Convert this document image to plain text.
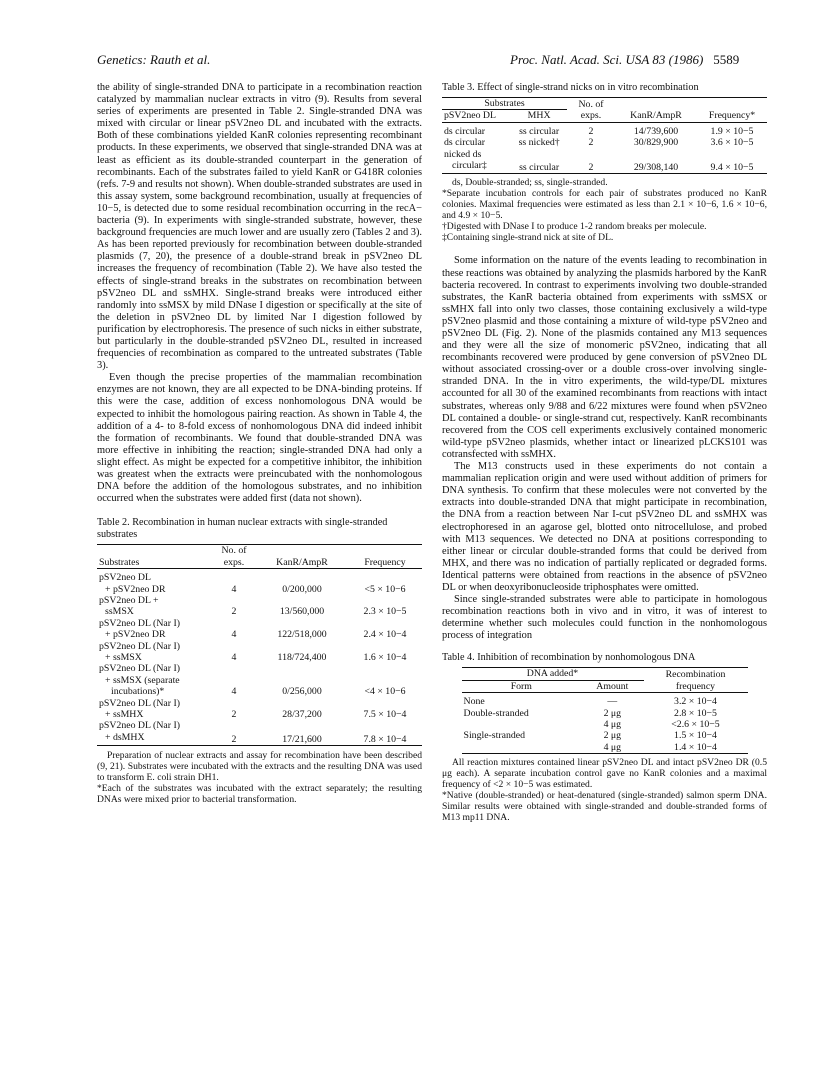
Genetics: Rauth et al.	Proc. Natl. Acad. Sci. USA 83 (1986) 5589

the ability of single-stranded DNA to participate in a recombination reaction catalyzed by mammalian nuclear extracts in vitro (9). Results from several series of experiments are presented in Table 2. Single-stranded DNA was mixed with circular or linear pSV2neo DL and incubated with the extracts. Both of these combinations yielded KanR colonies representing recombinant products. In these experiments, we observed that single-stranded DNA was at least as efficient as its double-stranded counterpart in the generation of recombinants. Each of the substrates failed to yield KanR or G418R colonies (refs. 7-9 and results not shown). When double-stranded substrates are used in this assay system, some background recombination, usually at frequencies of 10−5, is detected due to some residual recombination occurring in the recA− bacteria (9). In experiments with single-stranded substrate, however, these background frequencies are much lower and are usually zero (Tables 2 and 3). As has been reported previously for recombination between double-stranded plasmids (7, 20), the presence of a double-strand break in pSV2neo DL increases the frequency of recombination (Table 2). We have also tested the effects of single-strand breaks in the substrates on recombination between pSV2neo DL and ssMHX. Single-strand breaks were introduced either randomly into ssMSX by mild DNase I digestion or specifically at the site of the deletion in pSV2neo DL by limited Nar I digestion followed by purification by electrophoresis. The presence of such nicks in either substrate, but particularly in the double-stranded pSV2neo DL, resulted in increased frequencies of recombination as compared to the untreated substrates (Table 3).

Even though the precise properties of the mammalian recombination enzymes are not known, they are all expected to be DNA-binding proteins. If this were the case, addition of excess nonhomologous DNA would be expected to inhibit the homologous pairing reaction. As shown in Table 4, the addition of a 4- to 8-fold excess of nonhomologous DNA did indeed inhibit the formation of recombinants. We found that double-stranded DNA was more effective in inhibiting the reaction; single-stranded DNA had only a slight effect. As might be expected for a competitive inhibitor, the inhibition was greatest when the extracts were preincubated with the nonhomologous DNA before the addition of the homologous substrates, and no inhibition occurred when the substrates were added first (data not shown).

Table 2. Recombination in human nuclear extracts with single-stranded substrates
Substrates	No. of exps.	KanR/AmpR	Frequency
pSV2neo DL			
+ pSV2neo DR	4	0/200,000	<5 × 10−6
pSV2neo DL +			
ssMSX	2	13/560,000	2.3 × 10−5
pSV2neo DL (Nar I)			
+ pSV2neo DR	4	122/518,000	2.4 × 10−4
pSV2neo DL (Nar I)			
+ ssMSX	4	118/724,400	1.6 × 10−4
pSV2neo DL (Nar I)			
+ ssMSX (separate			
incubations)*	4	0/256,000	<4 × 10−6
pSV2neo DL (Nar I)			
+ ssMHX	2	28/37,200	7.5 × 10−4
pSV2neo DL (Nar I)			
+ dsMHX	2	17/21,600	7.8 × 10−4
Preparation of nuclear extracts and assay for recombination have been described (9, 21). Substrates were incubated with the extracts and the resulting DNA was used to transform E. coli strain DH1.
*Each of the substrates was incubated with the extract separately; the resulting DNAs were mixed prior to bacterial transformation.
Table 3. Effect of single-strand nicks on in vitro recombination
Substrates		No. of exps.	KanR/AmpR	Frequency*
pSV2neo DL	MHX			
ds circular	ss circular	2	14/739,600	1.9 × 10−5
ds circular	ss nicked†	2	30/829,900	3.6 × 10−5
nicked ds				
circular‡	ss circular	2	29/308,140	9.4 × 10−5
ds, Double-stranded; ss, single-stranded.
*Separate incubation controls for each pair of substrates produced no KanR colonies. Maximal frequencies were estimated as less than 2.1 × 10−6, 1.6 × 10−6, and 4.9 × 10−5.
†Digested with DNase I to produce 1-2 random breaks per molecule.
‡Containing single-strand nick at site of DL.

Some information on the nature of the events leading to recombination in these reactions was obtained by analyzing the plasmids harbored by the KanR bacteria recovered. In contrast to experiments involving two double-stranded substrates, the KanR bacteria obtained from experiments with ssMSX or ssMHX fall into only two classes, those containing exclusively a wild-type pSV2neo plasmid and those containing a mixture of wild-type pSV2neo and pSV2neo DL (Fig. 2). None of the plasmids contained any M13 sequences and they were all the size of monomeric pSV2neo, indicating that all recombinants recovered were produced by gene conversion of pSV2neo DL without associated crossing-over or a double cross-over involving single-stranded DNA. In the in vitro experiments, the wild-type/DL mixtures accounted for all 30 of the examined recombinants from reactions with intact substrates, whereas only 9/88 and 6/22 mixtures were found when pSV2neo DL contained a double- or single-strand cut, respectively. KanR recombinants recovered from the COS cell experiments exclusively contained monomeric wild-type pSV2neo plasmids, whether intact or linearized pLCKS101 was cotransfected with ssMHX.

The M13 constructs used in these experiments do not contain a mammalian replication origin and were used without addition of primers for DNA synthesis. To confirm that these molecules were not converted by the extracts into double-stranded DNA that might participate in recombination, the DNA from a reaction between Nar I-cut pSV2neo DL and ssMHX was electrophoresed in an agarose gel, blotted onto nitrocellulose, and probed with M13 sequences. We detected no DNA at positions corresponding to either linear or circular double-stranded forms that could be derived from MHX, and there was no indication of partially replicated or degraded forms. Identical patterns were obtained from reactions in the absence of pSV2neo DL or when deoxyribonucleoside triphosphates were omitted.

Since single-stranded substrates were able to participate in homologous recombination reactions both in vivo and in vitro, it was of interest to determine whether such molecules could function in the nonhomologous process of integration

Table 4. Inhibition of recombination by nonhomologous DNA
DNA added*		Recombination frequency
Form	Amount	
None	—	3.2 × 10−4
Double-stranded	2 μg	2.8 × 10−5
	4 μg	<2.6 × 10−5
Single-stranded	2 μg	1.5 × 10−4
	4 μg	1.4 × 10−4
All reaction mixtures contained linear pSV2neo DL and intact pSV2neo DR (0.5 μg each). A separate incubation control gave no KanR colonies and a maximal frequency of <2 × 10−5 was estimated.
*Native (double-stranded) or heat-denatured (single-stranded) salmon sperm DNA. Similar results were obtained with single-stranded and double-stranded forms of M13 mp11 DNA.
